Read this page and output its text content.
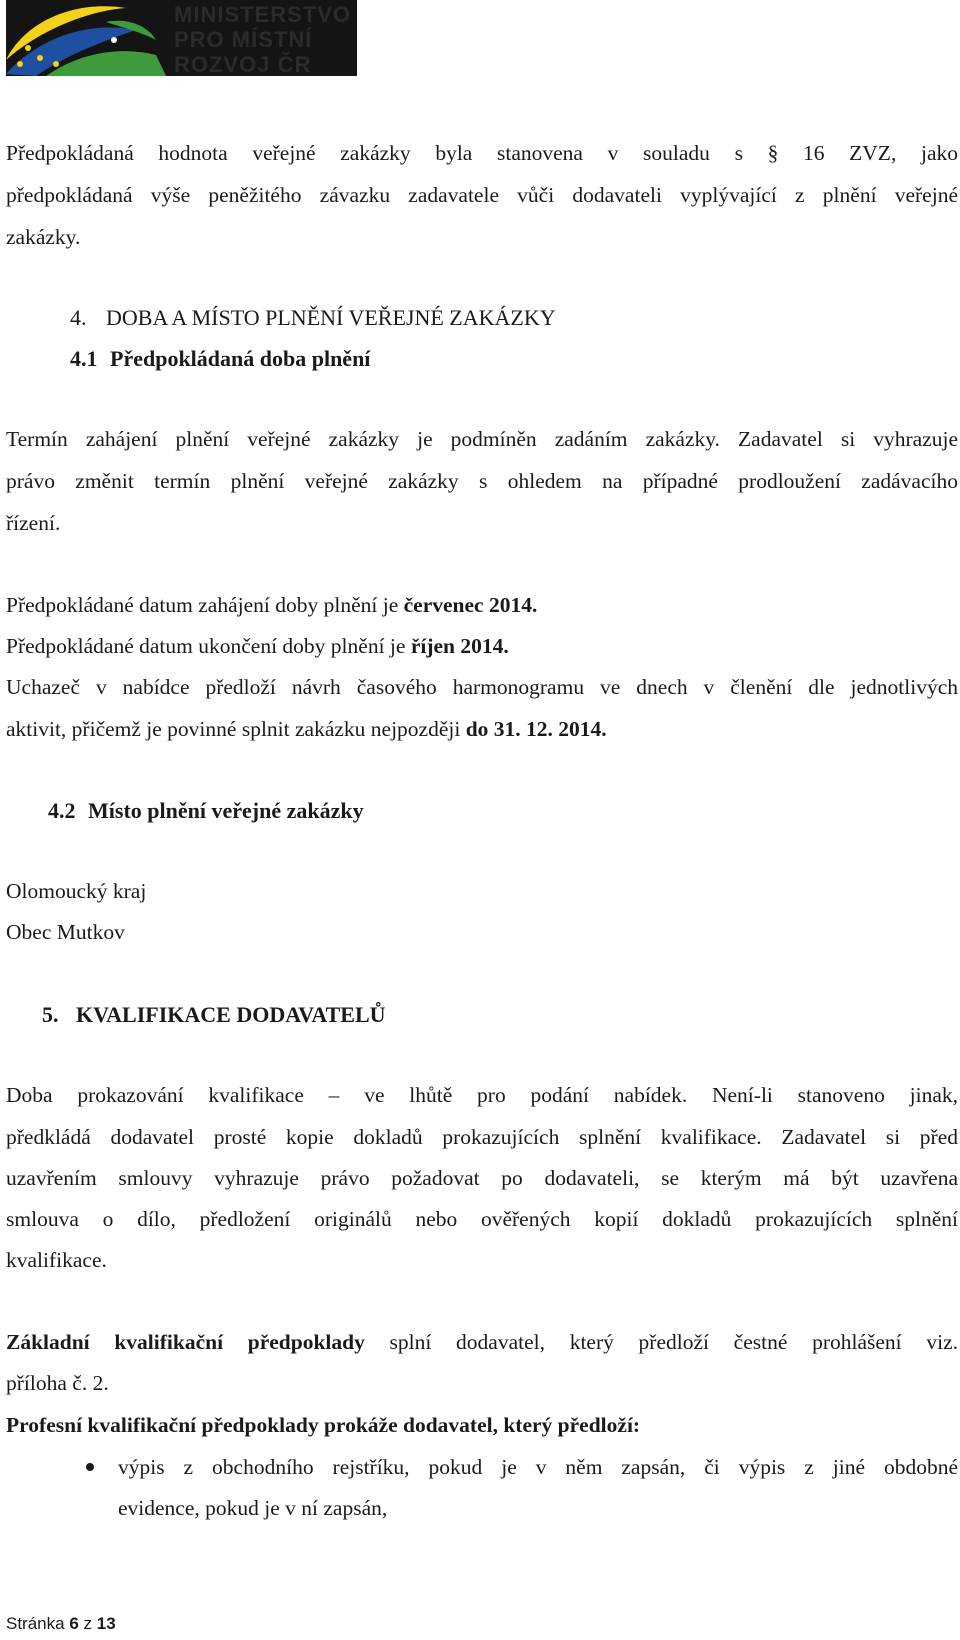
MINISTERSTVO
PRO MÍSTNÍ
ROZVOJ ČR
Předpokládaná hodnota veřejné zakázky byla stanovena v souladu s § 16 ZVZ, jako
předpokládaná výše peněžitého závazku zadavatele vůči dodavateli vyplývající z plnění veřejné
zakázky.
4. DOBA A MÍSTO PLNĚNÍ VEŘEJNÉ ZAKÁZKY
4.1 Předpokládaná doba plnění
Termín zahájení plnění veřejné zakázky je podmíněn zadáním zakázky. Zadavatel si vyhrazuje
právo změnit termín plnění veřejné zakázky s ohledem na případné prodloužení zadávacího
řízení.
Předpokládané datum zahájení doby plnění je červenec 2014.
Předpokládané datum ukončení doby plnění je říjen 2014.
Uchazeč v nabídce předloží návrh časového harmonogramu ve dnech v členění dle jednotlivých
aktivit, přičemž je povinné splnit zakázku nejpozději do 31. 12. 2014.
4.2 Místo plnění veřejné zakázky
Olomoucký kraj
Obec Mutkov
5. KVALIFIKACE DODAVATELŮ
Doba prokazování kvalifikace – ve lhůtě pro podání nabídek. Není-li stanoveno jinak,
předkládá dodavatel prosté kopie dokladů prokazujících splnění kvalifikace. Zadavatel si před
uzavřením smlouvy vyhrazuje právo požadovat po dodavateli, se kterým má být uzavřena
smlouva o dílo, předložení originálů nebo ověřených kopií dokladů prokazujících splnění
kvalifikace.
Základní kvalifikační předpoklady splní dodavatel, který předloží čestné prohlášení viz.
příloha č. 2.
Profesní kvalifikační předpoklady prokáže dodavatel, který předloží:
výpis z obchodního rejstříku, pokud je v něm zapsán, či výpis z jiné obdobné
evidence, pokud je v ní zapsán,
Stránka 6 z 13
